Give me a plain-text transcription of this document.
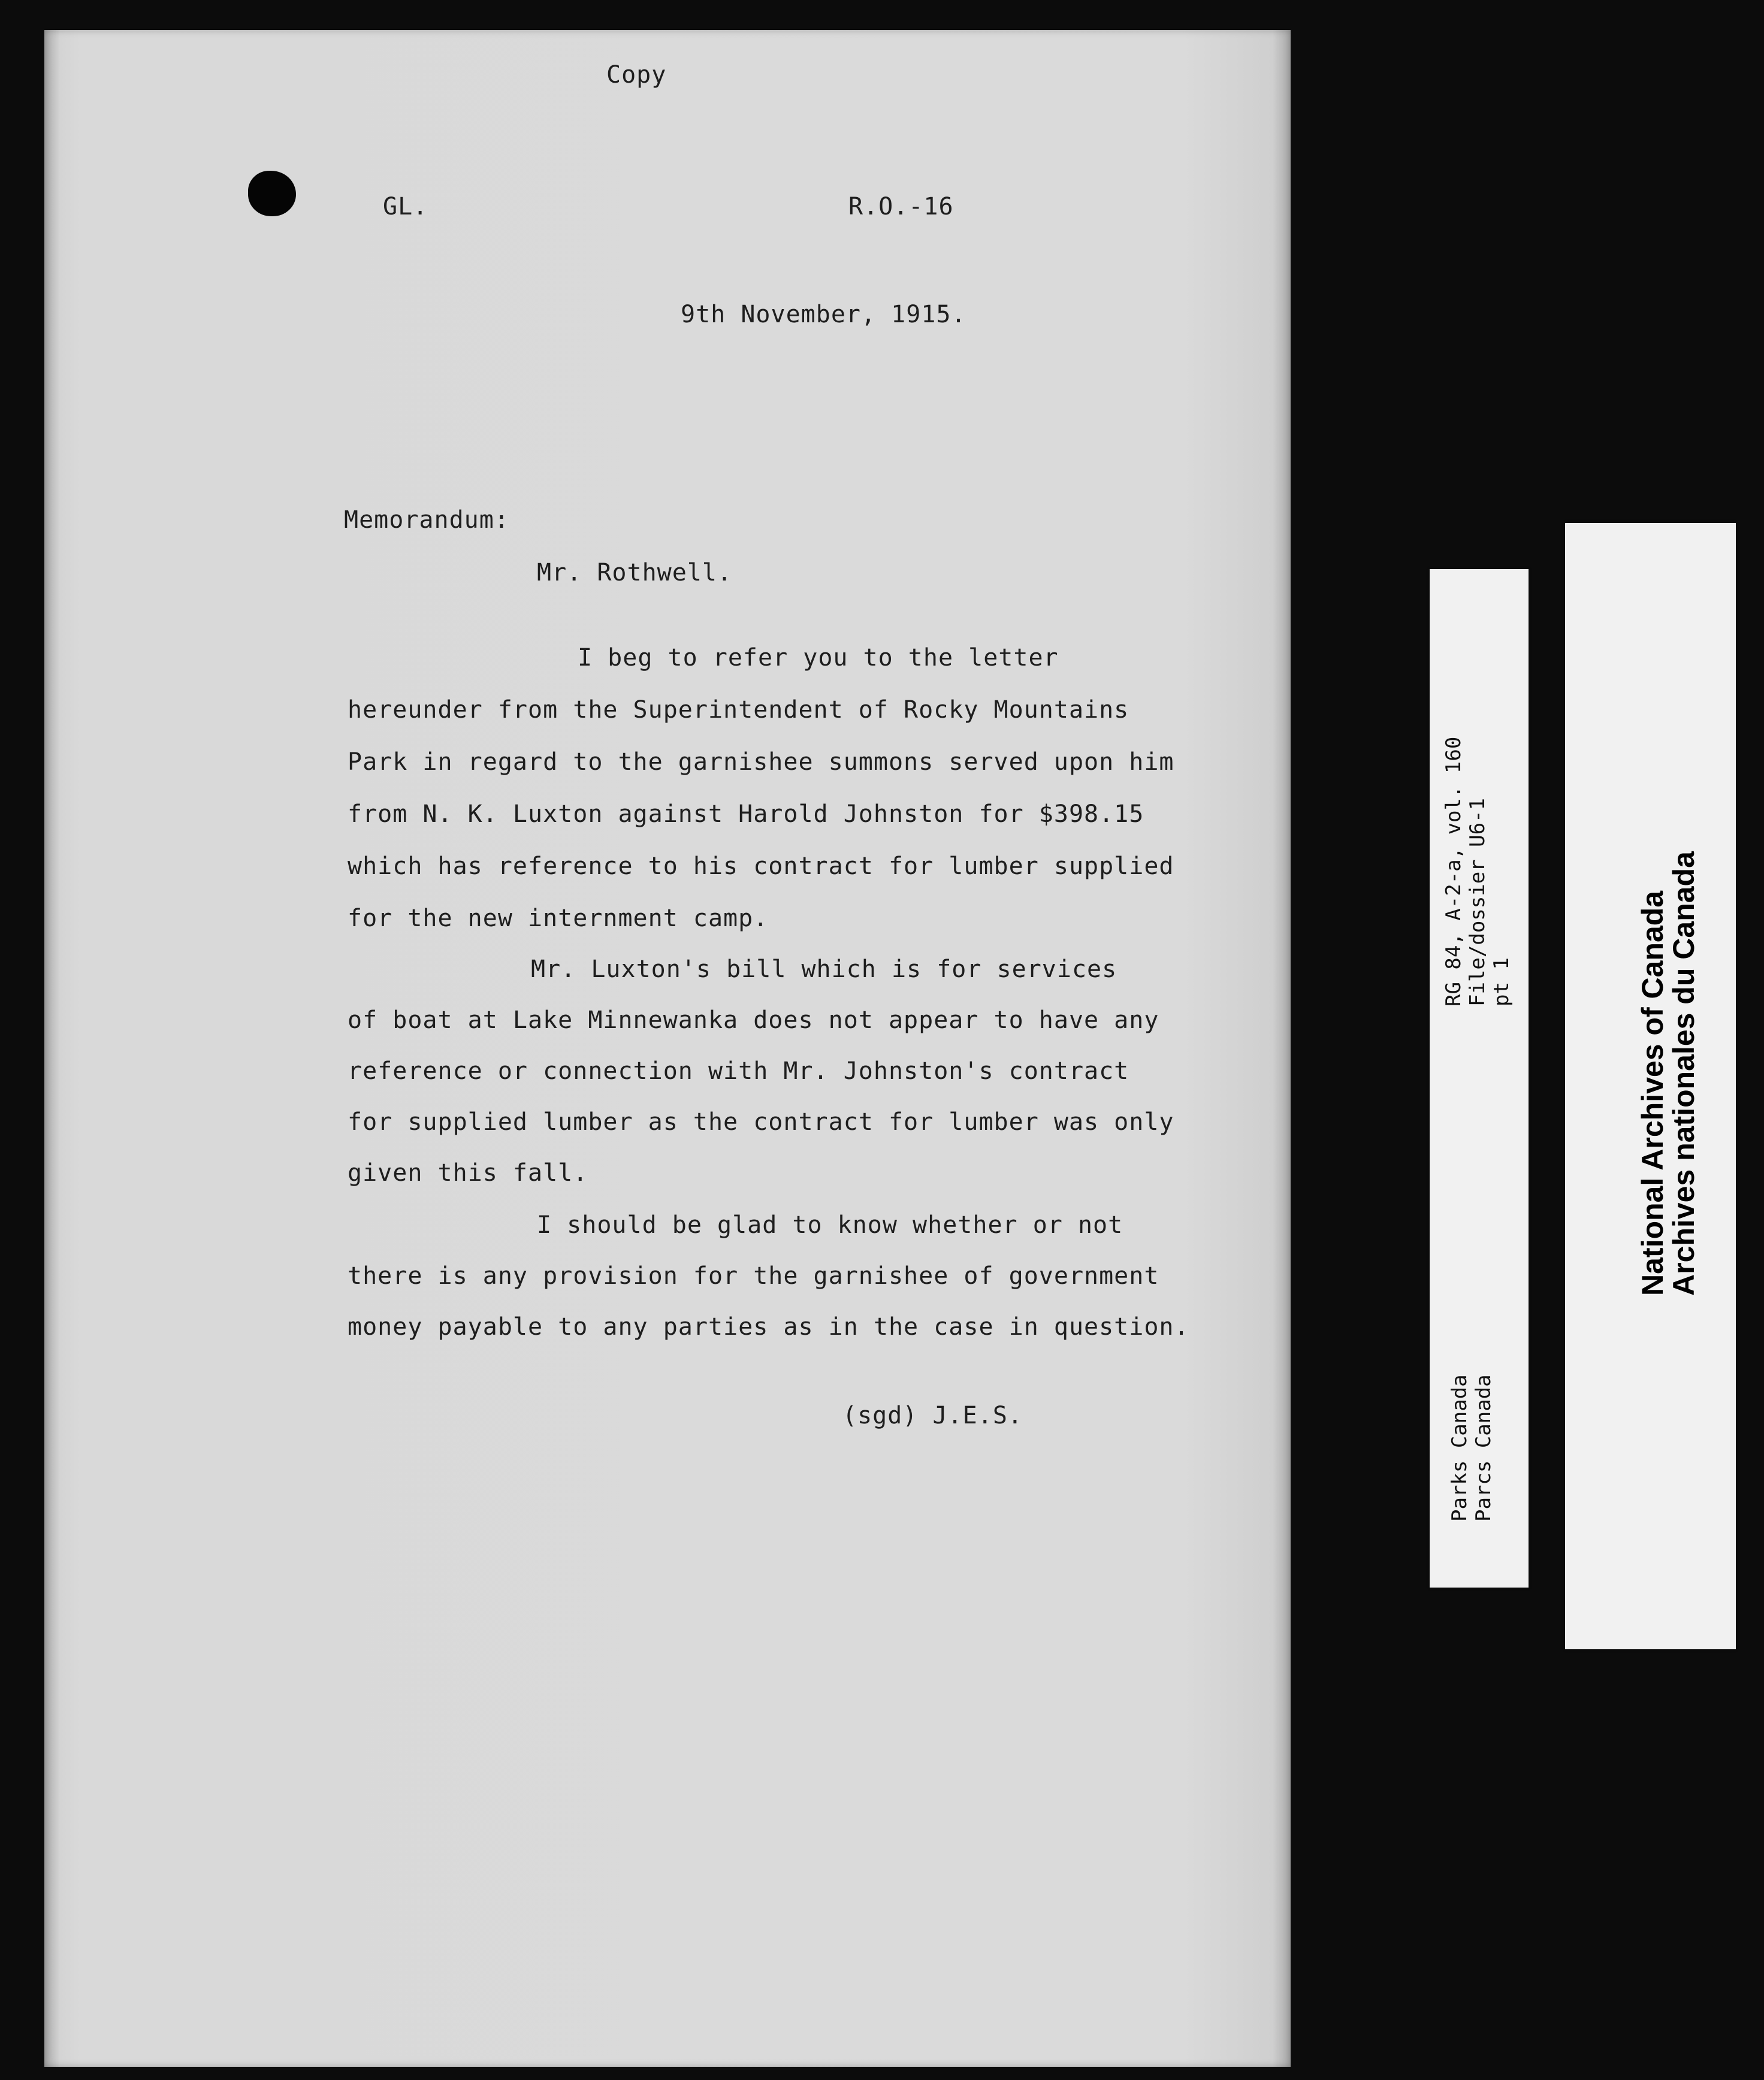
Copy
GL.	R.O.-16
9th November, 1915.
Memorandum:
Mr. Rothwell.
I beg to refer you to the letter
hereunder from the Superintendent of Rocky Mountains
Park in regard to the garnishee summons served upon him
from N. K. Luxton against Harold Johnston for $398.15
which has reference to his contract for lumber supplied
for the new internment camp.
Mr. Luxton's bill which is for services
of boat at Lake Minnewanka does not appear to have any
reference or connection with Mr. Johnston's contract
for supplied lumber as the contract for lumber was only
given this fall.
I should be glad to know whether or not
there is any provision for the garnishee of government
money payable to any parties as in the case in question.
(sgd) J.E.S.
RG 84, A-2-a, vol. 160
File/dossier U6-1
pt 1
Parks Canada
Parcs Canada
National Archives of Canada
Archives nationales du Canada
